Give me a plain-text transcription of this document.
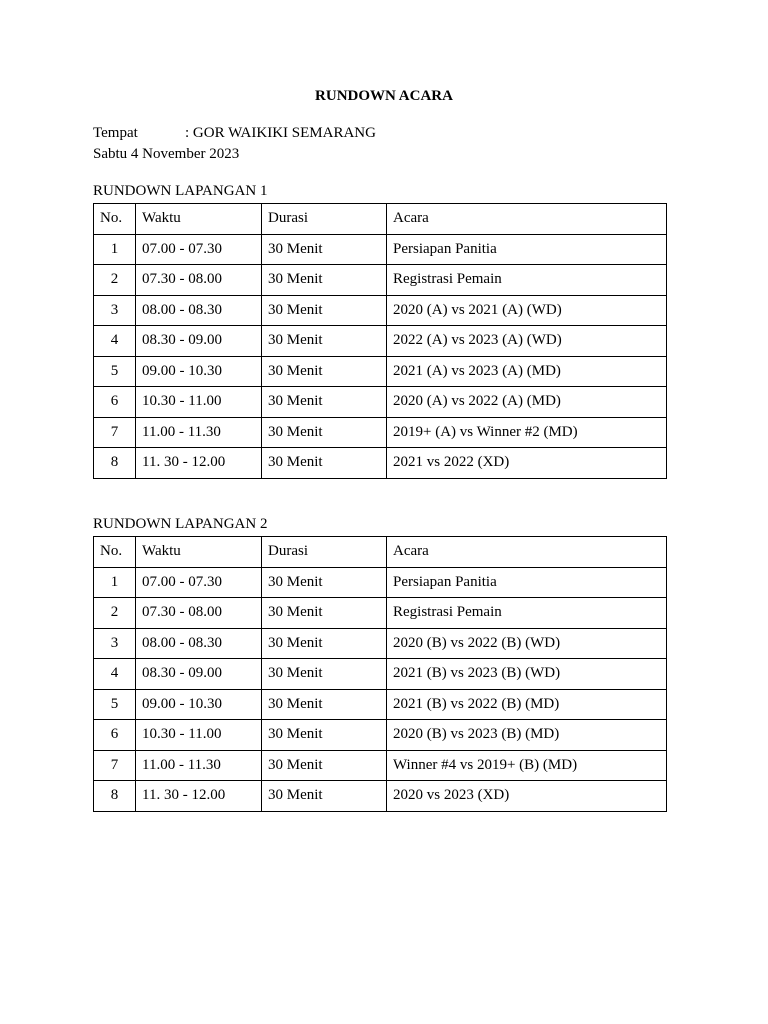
RUNDOWN ACARA
Tempat	: GOR WAIKIKI SEMARANG
Sabtu 4 November 2023
RUNDOWN LAPANGAN 1
No.	Waktu	Durasi	Acara
1	07.00 - 07.30	30 Menit	Persiapan Panitia
2	07.30 - 08.00	30 Menit	Registrasi Pemain
3	08.00 - 08.30	30 Menit	2020 (A) vs 2021 (A) (WD)
4	08.30 - 09.00	30 Menit	2022 (A) vs 2023 (A) (WD)
5	09.00 - 10.30	30 Menit	2021 (A) vs 2023 (A) (MD)
6	10.30 - 11.00	30 Menit	2020 (A) vs 2022 (A) (MD)
7	11.00 - 11.30	30 Menit	2019+ (A) vs Winner #2 (MD)
8	11. 30 - 12.00	30 Menit	2021 vs 2022 (XD)
RUNDOWN LAPANGAN 2
No.	Waktu	Durasi	Acara
1	07.00 - 07.30	30 Menit	Persiapan Panitia
2	07.30 - 08.00	30 Menit	Registrasi Pemain
3	08.00 - 08.30	30 Menit	2020 (B) vs 2022 (B) (WD)
4	08.30 - 09.00	30 Menit	2021 (B) vs 2023 (B) (WD)
5	09.00 - 10.30	30 Menit	2021 (B) vs 2022 (B) (MD)
6	10.30 - 11.00	30 Menit	2020 (B) vs 2023 (B) (MD)
7	11.00 - 11.30	30 Menit	Winner #4 vs 2019+ (B) (MD)
8	11. 30 - 12.00	30 Menit	2020 vs 2023 (XD)
